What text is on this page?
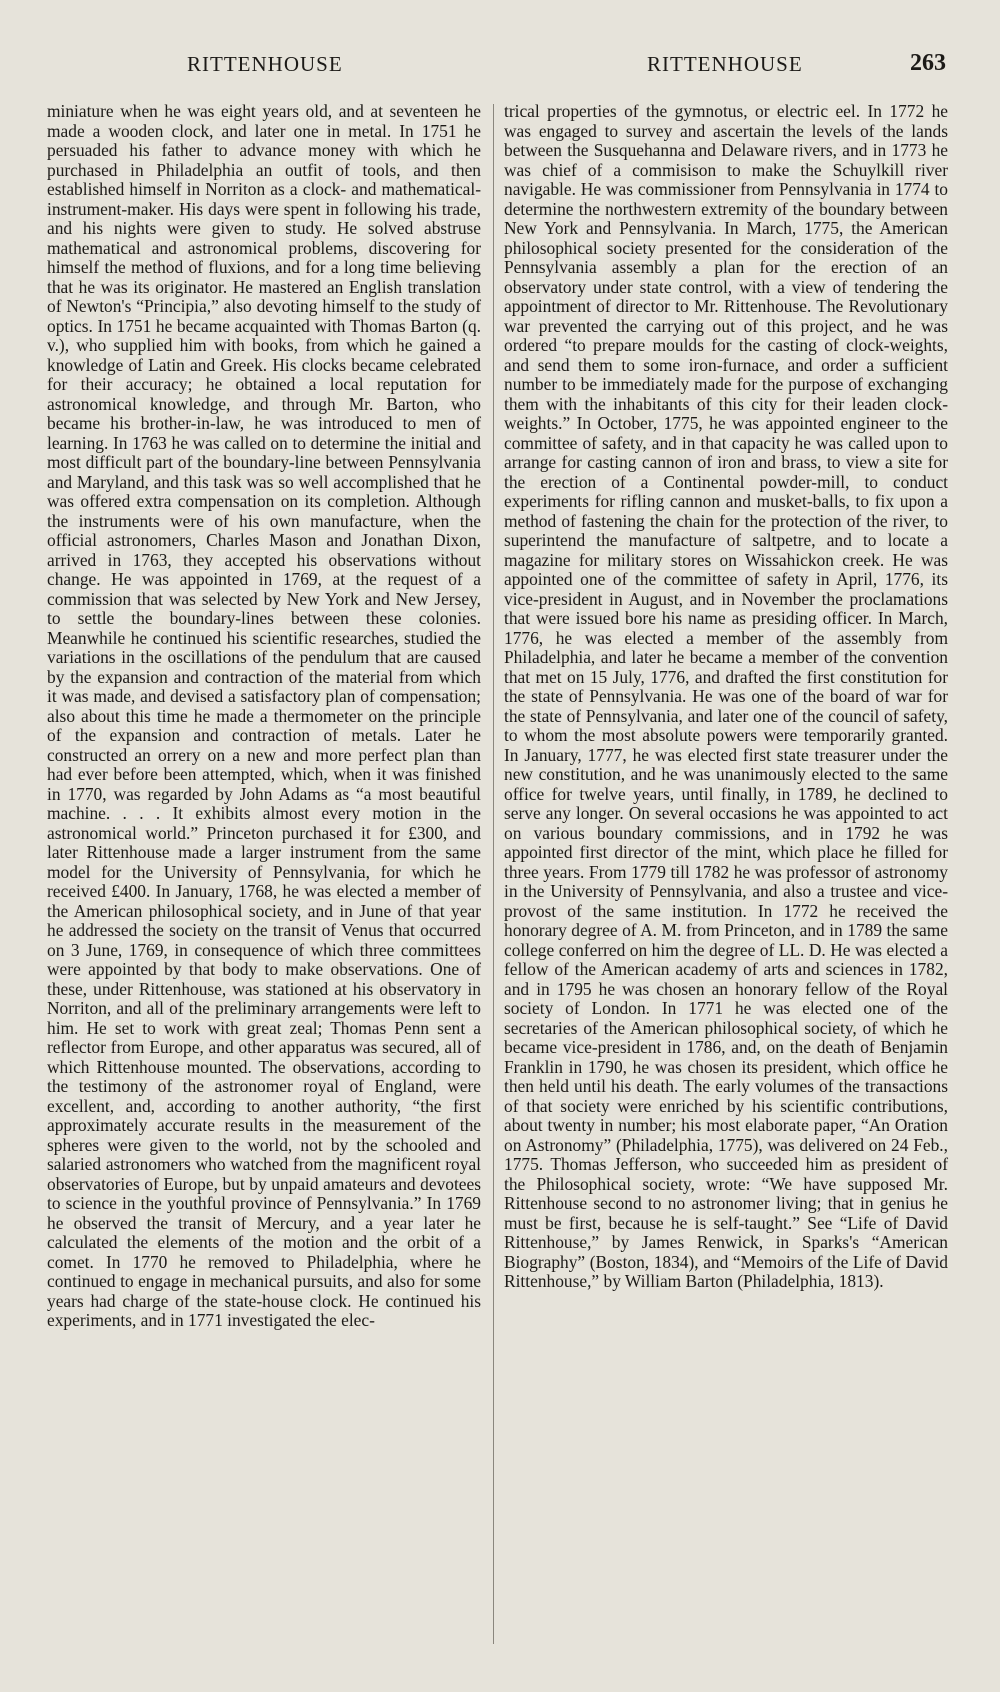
RITTENHOUSE	RITTENHOUSE	263

miniature when he was eight years old, and at seventeen he made a wooden clock, and later one in metal. In 1751 he persuaded his father to advance money with which he purchased in Philadelphia an outfit of tools, and then established himself in Norriton as a clock- and mathematical-instrument-maker. His days were spent in following his trade, and his nights were given to study. He solved abstruse mathematical and astronomical problems, discovering for himself the method of fluxions, and for a long time believing that he was its originator. He mastered an English translation of Newton's “Principia,” also devoting himself to the study of optics. In 1751 he became acquainted with Thomas Barton (q. v.), who supplied him with books, from which he gained a knowledge of Latin and Greek. His clocks became celebrated for their accuracy; he obtained a local reputation for astronomical knowledge, and through Mr. Barton, who became his brother-in-law, he was introduced to men of learning. In 1763 he was called on to determine the initial and most difficult part of the boundary-line between Pennsylvania and Maryland, and this task was so well accomplished that he was offered extra compensation on its completion. Although the instruments were of his own manufacture, when the official astronomers, Charles Mason and Jonathan Dixon, arrived in 1763, they accepted his observations without change. He was appointed in 1769, at the request of a commission that was selected by New York and New Jersey, to settle the boundary-lines between these colonies. Meanwhile he continued his scientific researches, studied the variations in the oscillations of the pendulum that are caused by the expansion and contraction of the material from which it was made, and devised a satisfactory plan of compensation; also about this time he made a thermometer on the principle of the expansion and contraction of metals. Later he constructed an orrery on a new and more perfect plan than had ever before been attempted, which, when it was finished in 1770, was regarded by John Adams as “a most beautiful machine. . . . It exhibits almost every motion in the astronomical world.” Princeton purchased it for £300, and later Rittenhouse made a larger instrument from the same model for the University of Pennsylvania, for which he received £400. In January, 1768, he was elected a member of the American philosophical society, and in June of that year he addressed the society on the transit of Venus that occurred on 3 June, 1769, in consequence of which three committees were appointed by that body to make observations. One of these, under Rittenhouse, was stationed at his observatory in Norriton, and all of the preliminary arrangements were left to him. He set to work with great zeal; Thomas Penn sent a reflector from Europe, and other apparatus was secured, all of which Rittenhouse mounted. The observations, according to the testimony of the astronomer royal of England, were excellent, and, according to another authority, “the first approximately accurate results in the measurement of the spheres were given to the world, not by the schooled and salaried astronomers who watched from the magnificent royal observatories of Europe, but by unpaid amateurs and devotees to science in the youthful province of Pennsylvania.” In 1769 he observed the transit of Mercury, and a year later he calculated the elements of the motion and the orbit of a comet. In 1770 he removed to Philadelphia, where he continued to engage in mechanical pursuits, and also for some years had charge of the state-house clock. He continued his experiments, and in 1771 investigated the elec-

trical properties of the gymnotus, or electric eel. In 1772 he was engaged to survey and ascertain the levels of the lands between the Susquehanna and Delaware rivers, and in 1773 he was chief of a commisison to make the Schuylkill river navigable. He was commissioner from Pennsylvania in 1774 to determine the northwestern extremity of the boundary between New York and Pennsylvania. In March, 1775, the American philosophical society presented for the consideration of the Pennsylvania assembly a plan for the erection of an observatory under state control, with a view of tendering the appointment of director to Mr. Rittenhouse. The Revolutionary war prevented the carrying out of this project, and he was ordered “to prepare moulds for the casting of clock-weights, and send them to some iron-furnace, and order a sufficient number to be immediately made for the purpose of exchanging them with the inhabitants of this city for their leaden clock-weights.” In October, 1775, he was appointed engineer to the committee of safety, and in that capacity he was called upon to arrange for casting cannon of iron and brass, to view a site for the erection of a Continental powder-mill, to conduct experiments for rifling cannon and musket-balls, to fix upon a method of fastening the chain for the protection of the river, to superintend the manufacture of saltpetre, and to locate a magazine for military stores on Wissahickon creek. He was appointed one of the committee of safety in April, 1776, its vice-president in August, and in November the proclamations that were issued bore his name as presiding officer. In March, 1776, he was elected a member of the assembly from Philadelphia, and later he became a member of the convention that met on 15 July, 1776, and drafted the first constitution for the state of Pennsylvania. He was one of the board of war for the state of Pennsylvania, and later one of the council of safety, to whom the most absolute powers were temporarily granted. In January, 1777, he was elected first state treasurer under the new constitution, and he was unanimously elected to the same office for twelve years, until finally, in 1789, he declined to serve any longer. On several occasions he was appointed to act on various boundary commissions, and in 1792 he was appointed first director of the mint, which place he filled for three years. From 1779 till 1782 he was professor of astronomy in the University of Pennsylvania, and also a trustee and vice-provost of the same institution. In 1772 he received the honorary degree of A. M. from Princeton, and in 1789 the same college conferred on him the degree of LL. D. He was elected a fellow of the American academy of arts and sciences in 1782, and in 1795 he was chosen an honorary fellow of the Royal society of London. In 1771 he was elected one of the secretaries of the American philosophical society, of which he became vice-president in 1786, and, on the death of Benjamin Franklin in 1790, he was chosen its president, which office he then held until his death. The early volumes of the transactions of that society were enriched by his scientific contributions, about twenty in number; his most elaborate paper, “An Oration on Astronomy” (Philadelphia, 1775), was delivered on 24 Feb., 1775. Thomas Jefferson, who succeeded him as president of the Philosophical society, wrote: “We have supposed Mr. Rittenhouse second to no astronomer living; that in genius he must be first, because he is self-taught.” See “Life of David Rittenhouse,” by James Renwick, in Sparks's “American Biography” (Boston, 1834), and “Memoirs of the Life of David Rittenhouse,” by William Barton (Philadelphia, 1813).
